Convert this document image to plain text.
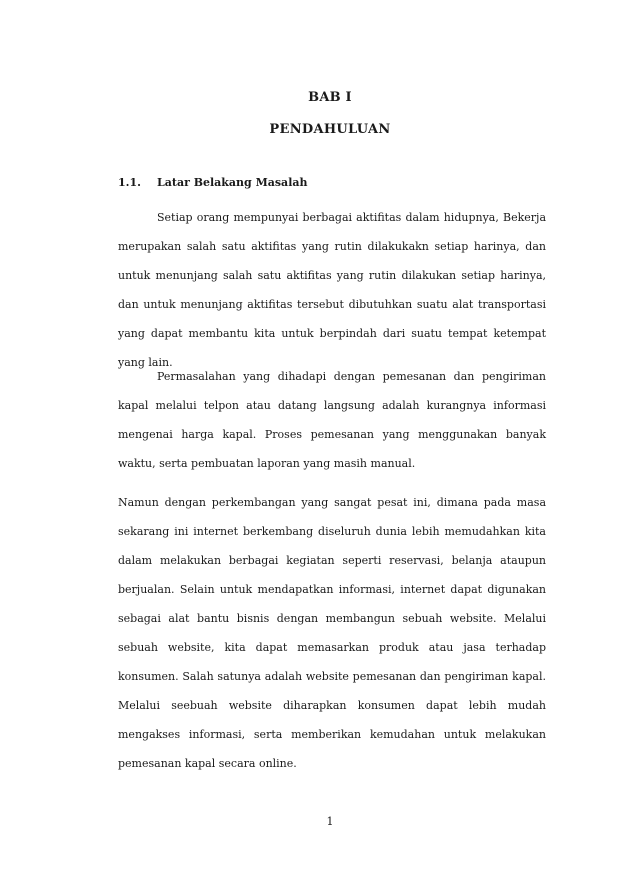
BAB I
PENDAHULUAN
1.1. Latar Belakang Masalah

Setiap orang mempunyai berbagai aktifitas dalam hidupnya, Bekerja merupakan salah satu aktifitas yang rutin dilakukakn setiap harinya, dan untuk menunjang salah satu aktifitas yang rutin dilakukan setiap harinya, dan untuk menunjang aktifitas tersebut dibutuhkan suatu alat transportasi yang dapat membantu kita untuk berpindah dari suatu tempat ketempat yang lain.

Permasalahan yang dihadapi dengan pemesanan dan pengiriman kapal melalui telpon atau datang langsung adalah kurangnya informasi mengenai harga kapal. Proses pemesanan yang menggunakan banyak waktu, serta pembuatan laporan yang masih manual.

Namun dengan perkembangan yang sangat pesat ini, dimana pada masa sekarang ini internet berkembang diseluruh dunia lebih memudahkan kita dalam melakukan berbagai kegiatan seperti reservasi, belanja ataupun berjualan. Selain untuk mendapatkan informasi, internet dapat digunakan sebagai alat bantu bisnis dengan membangun sebuah website. Melalui sebuah website, kita dapat memasarkan produk atau jasa terhadap konsumen. Salah satunya adalah website pemesanan dan pengiriman kapal. Melalui seebuah website diharapkan konsumen dapat lebih mudah mengakses informasi, serta memberikan kemudahan untuk melakukan pemesanan kapal secara online.

1
